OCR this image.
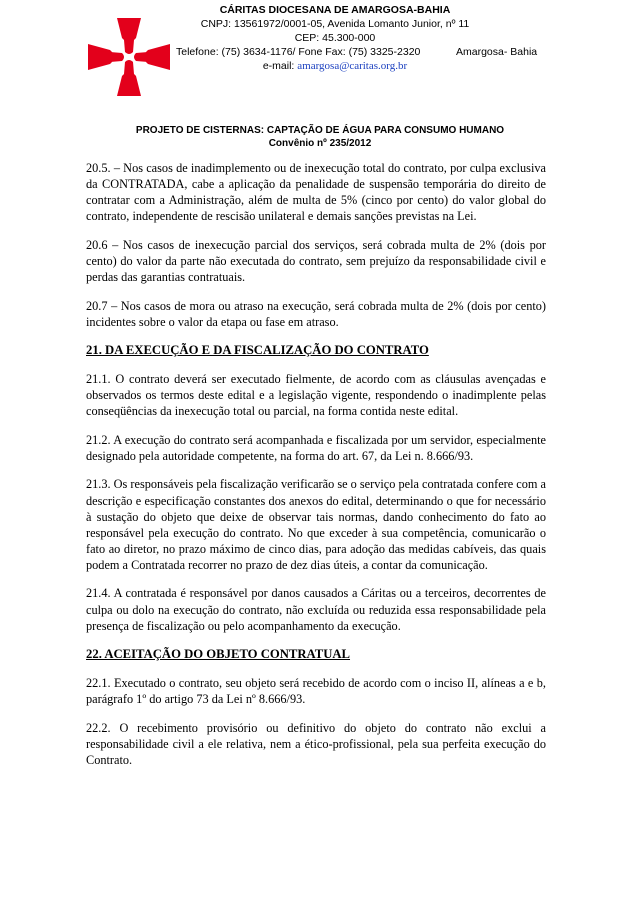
CÁRITAS DIOCESANA DE AMARGOSA-BAHIA
CNPJ: 13561972/0001-05, Avenida Lomanto Junior, nº 11
CEP: 45.300-000
Telefone: (75) 3634-1176/ Fone Fax: (75) 3325-2320	Amargosa- Bahia
e-mail: amargosa@caritas.org.br
PROJETO DE CISTERNAS: CAPTAÇÃO DE ÁGUA PARA CONSUMO HUMANO
Convênio nº 235/2012

20.5. – Nos casos de inadimplemento ou de inexecução total do contrato, por culpa exclusiva da CONTRATADA, cabe a aplicação da penalidade de suspensão temporária do direito de contratar com a Administração, além de multa de 5% (cinco por cento) do valor global do contrato, independente de rescisão unilateral e demais sanções previstas na Lei.

20.6 – Nos casos de inexecução parcial dos serviços, será cobrada multa de 2% (dois por cento) do valor da parte não executada do contrato, sem prejuízo da responsabilidade civil e perdas das garantias contratuais.

20.7 – Nos casos de mora ou atraso na execução, será cobrada multa de 2% (dois por cento) incidentes sobre o valor da etapa ou fase em atraso.

21. DA EXECUÇÃO E DA FISCALIZAÇÃO DO CONTRATO

21.1. O contrato deverá ser executado fielmente, de acordo com as cláusulas avençadas e observados os termos deste edital e a legislação vigente, respondendo o inadimplente pelas conseqüências da inexecução total ou parcial, na forma contida neste edital.

21.2. A execução do contrato será acompanhada e fiscalizada por um servidor, especialmente designado pela autoridade competente, na forma do art. 67, da Lei n. 8.666/93.

21.3. Os responsáveis pela fiscalização verificarão se o serviço pela contratada confere com a descrição e especificação constantes dos anexos do edital, determinando o que for necessário à sustação do objeto que deixe de observar tais normas, dando conhecimento do fato ao responsável pela execução do contrato. No que exceder à sua competência, comunicarão o fato ao diretor, no prazo máximo de cinco dias, para adoção das medidas cabíveis, das quais podem a Contratada recorrer no prazo de dez dias úteis, a contar da comunicação.

21.4. A contratada é responsável por danos causados a Cáritas ou a terceiros, decorrentes de culpa ou dolo na execução do contrato, não excluída ou reduzida essa responsabilidade pela presença de fiscalização ou pelo acompanhamento da execução.

22. ACEITAÇÃO DO OBJETO CONTRATUAL

22.1. Executado o contrato, seu objeto será recebido de acordo com o inciso II, alíneas a e b, parágrafo 1º do artigo 73 da Lei nº 8.666/93.

22.2. O recebimento provisório ou definitivo do objeto do contrato não exclui a responsabilidade civil a ele relativa, nem a ético-profissional, pela sua perfeita execução do Contrato.
